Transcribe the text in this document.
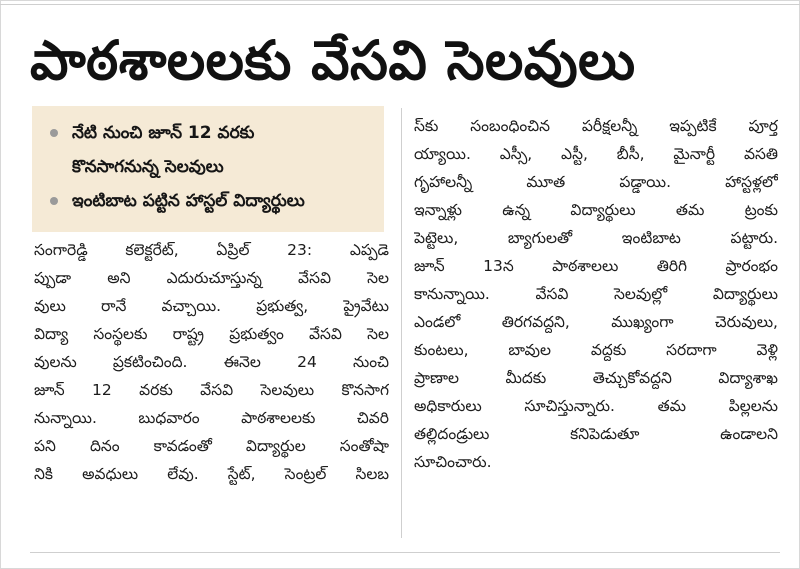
పాఠశాలలకు వేసవి సెలవులు
నేటి నుంచి జూన్ 12 వరకు
కొనసాగనున్న సెలవులు
ఇంటిబాట పట్టిన హాస్టల్ విద్యార్థులు
సంగారెడ్డి కలెక్టరేట్, ఏప్రిల్ 23: ఎప్పడె
ప్పుడా అని ఎదురుచూస్తున్న వేసవి సెల
వులు రానే వచ్చాయి. ప్రభుత్వ, ప్రైవేటు
విద్యా సంస్థలకు రాష్ట్ర ప్రభుత్వం వేసవి సెల
వులను ప్రకటించింది. ఈనెల 24 నుంచి
జూన్ 12 వరకు వేసవి సెలవులు కొనసాగ
నున్నాయి. బుధవారం పాఠశాలలకు చివరి
పని దినం కావడంతో విద్యార్థుల సంతోషా
నికి అవధులు లేవు. స్టేట్, సెంట్రల్ సిలబ
స్‌కు సంబంధించిన పరీక్షలన్నీ ఇప్పటికే పూర్త
య్యాయి. ఎస్సీ, ఎస్టీ, బీసీ, మైనార్టీ వసతి
గృహాలన్నీ మూత పడ్డాయి. హాస్టళ్లలో
ఇన్నాళ్లు ఉన్న విద్యార్థులు తమ ట్రంకు
పెట్టెలు, బ్యాగులతో ఇంటిబాట పట్టారు.
జూన్ 13న పాఠశాలలు తిరిగి ప్రారంభం
కానున్నాయి. వేసవి సెలవుల్లో విద్యార్థులు
ఎండలో తిరగవద్దని, ముఖ్యంగా చెరువులు,
కుంటలు, బావుల వద్దకు సరదాగా వెళ్లి
ప్రాణాల మీదకు తెచ్చుకోవద్దని విద్యాశాఖ
అధికారులు సూచిస్తున్నారు. తమ పిల్లలను
తల్లిదండ్రులు కనిపెడుతూ ఉండాలని
సూచించారు.
